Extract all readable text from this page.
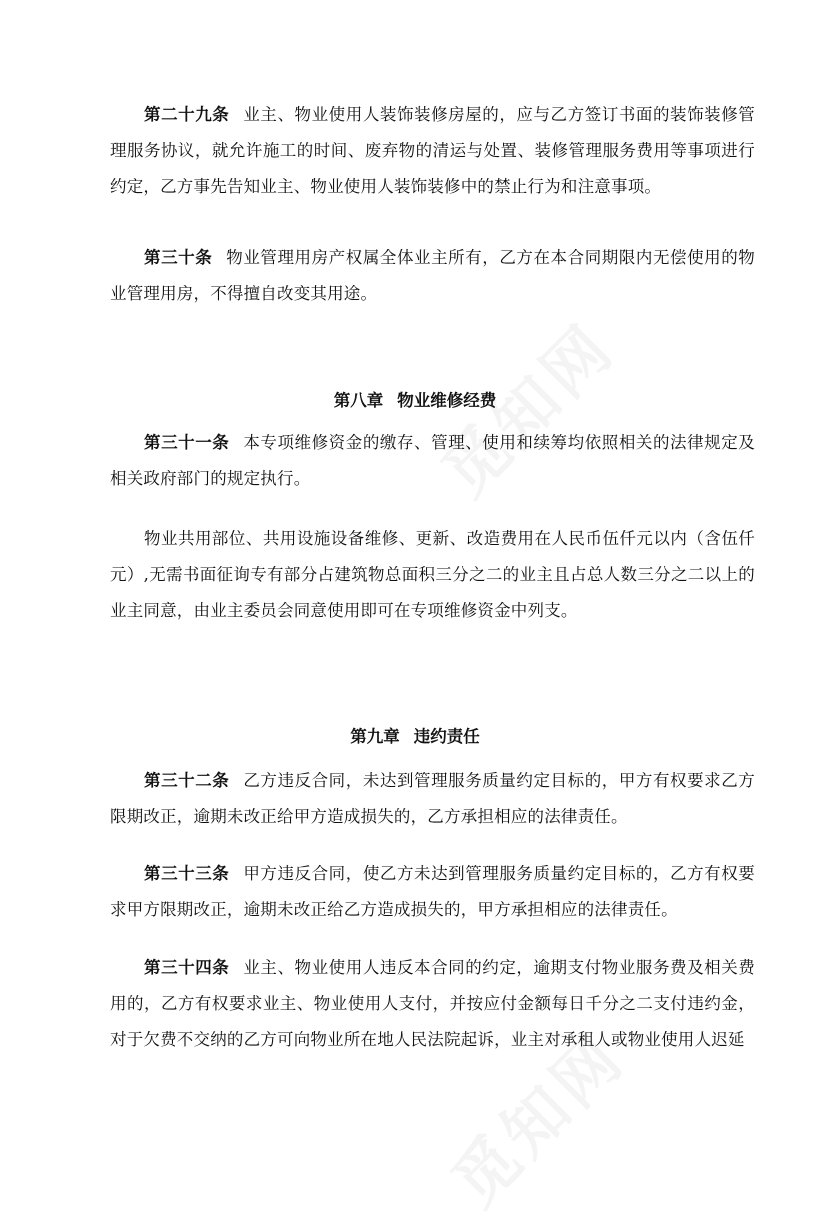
第二十九条 业主、物业使用人装饰装修房屋的，应与乙方签订书面的装饰装修管理服务协议，就允许施工的时间、废弃物的清运与处置、装修管理服务费用等事项进行约定，乙方事先告知业主、物业使用人装饰装修中的禁止行为和注意事项。

第三十条 物业管理用房产权属全体业主所有，乙方在本合同期限内无偿使用的物业管理用房，不得擅自改变其用途。

第八章 物业维修经费

第三十一条 本专项维修资金的缴存、管理、使用和续筹均依照相关的法律规定及相关政府部门的规定执行。

物业共用部位、共用设施设备维修、更新、改造费用在人民币伍仟元以内（含伍仟元）,无需书面征询专有部分占建筑物总面积三分之二的业主且占总人数三分之二以上的业主同意，由业主委员会同意使用即可在专项维修资金中列支。

第九章 违约责任

第三十二条 乙方违反合同，未达到管理服务质量约定目标的，甲方有权要求乙方限期改正，逾期未改正给甲方造成损失的，乙方承担相应的法律责任。

第三十三条 甲方违反合同，使乙方未达到管理服务质量约定目标的，乙方有权要求甲方限期改正，逾期未改正给乙方造成损失的，甲方承担相应的法律责任。

第三十四条 业主、物业使用人违反本合同的约定，逾期支付物业服务费及相关费用的，乙方有权要求业主、物业使用人支付，并按应付金额每日千分之二支付违约金，对于欠费不交纳的乙方可向物业所在地人民法院起诉，业主对承租人或物业使用人迟延
